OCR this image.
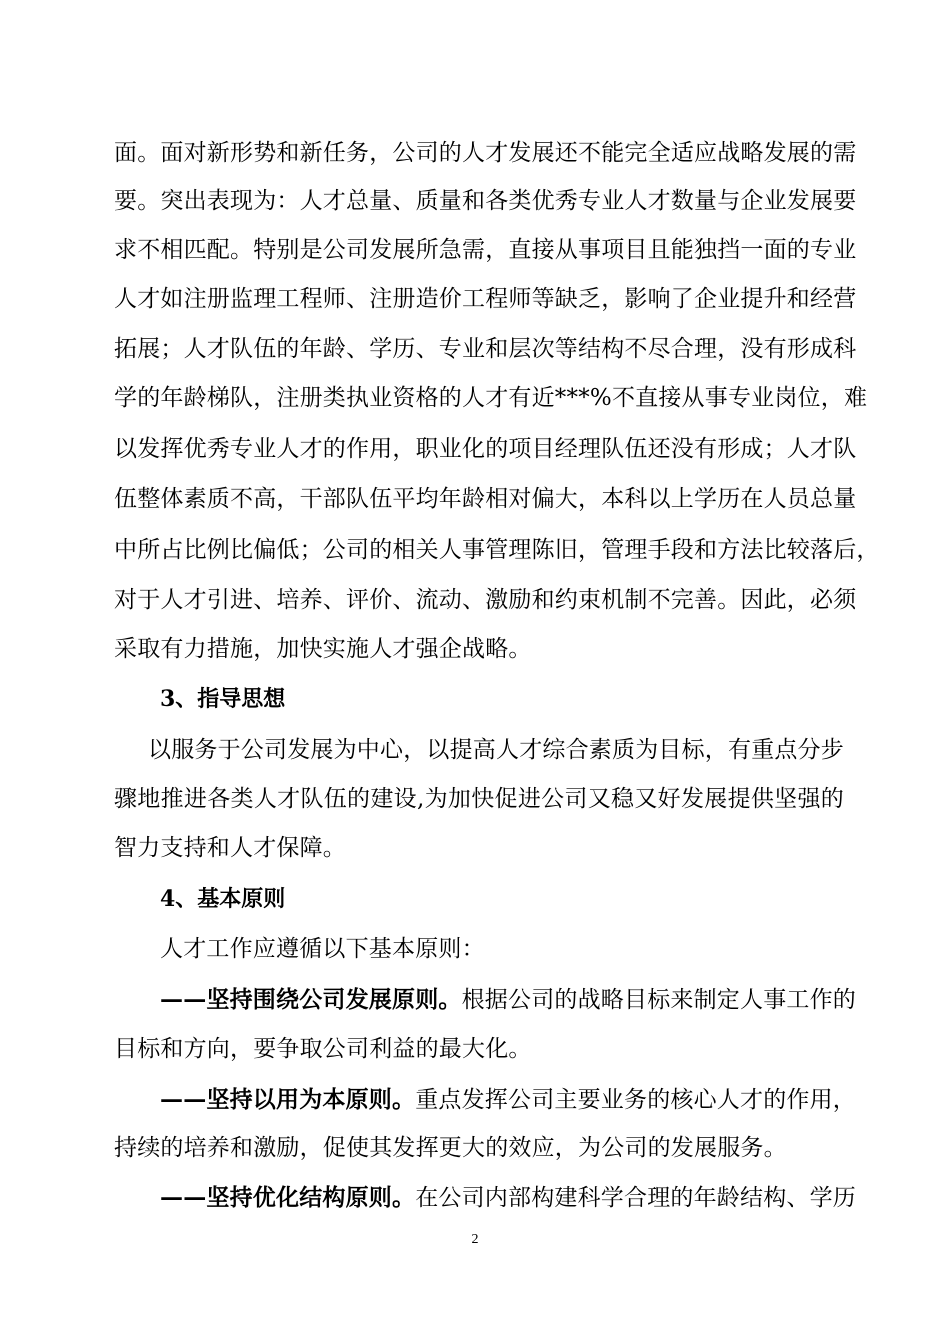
面。面对新形势和新任务，公司的人才发展还不能完全适应战略发展的需
要。突出表现为：人才总量、质量和各类优秀专业人才数量与企业发展要
求不相匹配。特别是公司发展所急需，直接从事项目且能独挡一面的专业
人才如注册监理工程师、注册造价工程师等缺乏，影响了企业提升和经营
拓展；人才队伍的年龄、学历、专业和层次等结构不尽合理，没有形成科
学的年龄梯队，注册类执业资格的人才有近***%不直接从事专业岗位，难
以发挥优秀专业人才的作用，职业化的项目经理队伍还没有形成；人才队
伍整体素质不高，干部队伍平均年龄相对偏大，本科以上学历在人员总量
中所占比例比偏低；公司的相关人事管理陈旧，管理手段和方法比较落后，
对于人才引进、培养、评价、流动、激励和约束机制不完善。因此，必须
采取有力措施，加快实施人才强企战略。
3、指导思想
以服务于公司发展为中心，以提高人才综合素质为目标，有重点分步
骤地推进各类人才队伍的建设,为加快促进公司又稳又好发展提供坚强的
智力支持和人才保障。
4、基本原则
人才工作应遵循以下基本原则：
——坚持围绕公司发展原则。根据公司的战略目标来制定人事工作的
目标和方向，要争取公司利益的最大化。
——坚持以用为本原则。重点发挥公司主要业务的核心人才的作用，
持续的培养和激励，促使其发挥更大的效应，为公司的发展服务。
——坚持优化结构原则。在公司内部构建科学合理的年龄结构、学历
2
